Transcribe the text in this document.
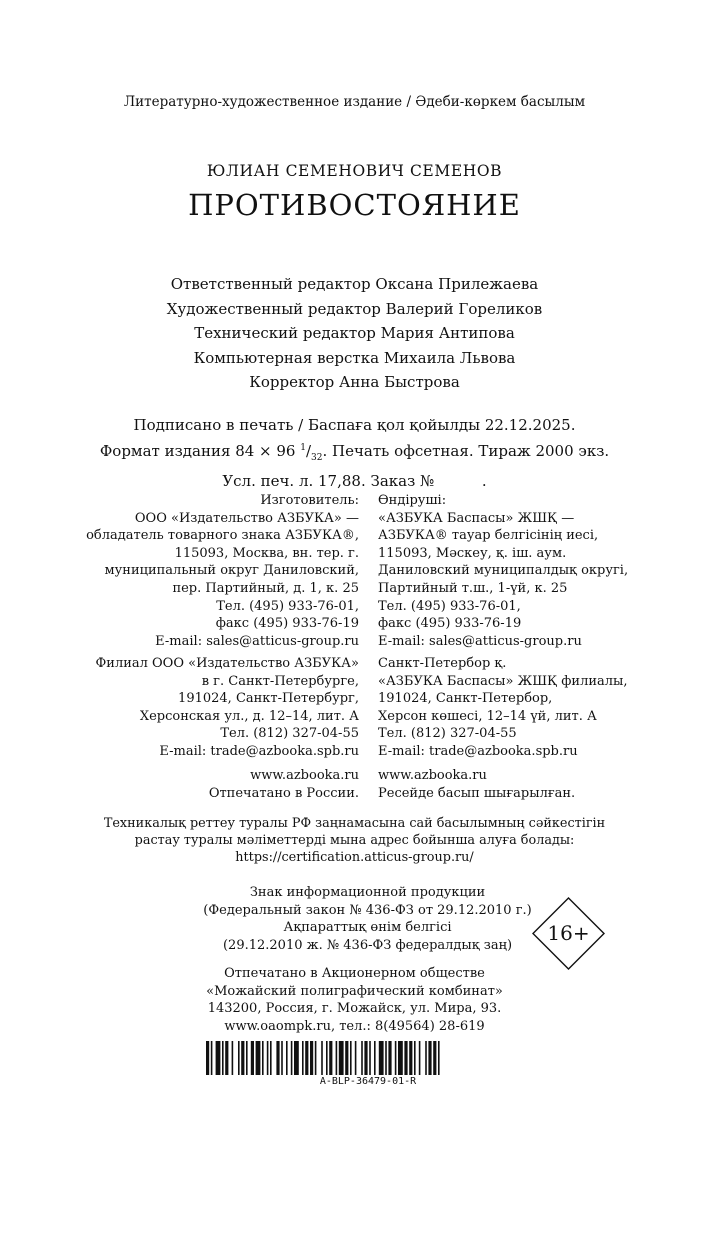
Литературно-художественное издание / Әдеби-көркем басылым
ЮЛИАН СЕМЕНОВИЧ СЕМЕНОВ
ПРОТИВОСТОЯНИЕ
Ответственный редактор Оксана Прилежаева
Художественный редактор Валерий Гореликов
Технический редактор Мария Антипова
Компьютерная верстка Михаила Львова
Корректор Анна Быстрова
Подписано в печать / Баспаға қол қойылды 22.12.2025.
Формат издания 84 × 96 $^1/_{32}$. Печать офсетная. Тираж 2000 экз.
Усл. печ. л. 17,88. Заказ №          .
Изготовитель:
ООО «Издательство АЗБУКА» —
обладатель товарного знака АЗБУКА®,
115093, Москва, вн. тер. г.
муниципальный округ Даниловский,
пер. Партийный, д. 1, к. 25
Тел. (495) 933-76-01,
факс (495) 933-76-19
E-mail: sales@atticus-group.ru
Өндіруші:
«АЗБУКА Баспасы» ЖШҚ —
АЗБУКА® тауар белгісінің иесі,
115093, Мәскеу, қ. іш. аум.
Даниловский муниципалдық округі,
Партийный т.ш., 1-үй, к. 25
Тел. (495) 933-76-01,
факс (495) 933-76-19
E-mail: sales@atticus-group.ru
Филиал ООО «Издательство АЗБУКА»
в г. Санкт-Петербурге,
191024, Санкт-Петербург,
Херсонская ул., д. 12–14, лит. А
Тел. (812) 327-04-55
E-mail: trade@azbooka.spb.ru
Санкт-Петербор қ.
«АЗБУКА Баспасы» ЖШҚ филиалы,
191024, Санкт-Петербор,
Херсон көшесі, 12–14 үй, лит. А
Тел. (812) 327-04-55
E-mail: trade@azbooka.spb.ru
www.azbooka.ru
Отпечатано в России.
www.azbooka.ru
Ресейде басып шығарылған.
Техникалық реттеу туралы РФ заңнамасына сай басылымның сәйкестігін
растау туралы мәліметтерді мына адрес бойынша алуға болады:
https://certification.atticus-group.ru/
Знак информационной продукции
(Федеральный закон № 436-ФЗ от 29.12.2010 г.)
Ақпараттық өнім белгісі
(29.12.2010 ж. № 436-ФЗ федералдық заң)	16+
Отпечатано в Акционерном обществе
«Можайский полиграфический комбинат»
143200, Россия, г. Можайск, ул. Мира, 93.
www.oaompk.ru, тел.: 8(49564) 28-619
A-BLP-36479-01-R
